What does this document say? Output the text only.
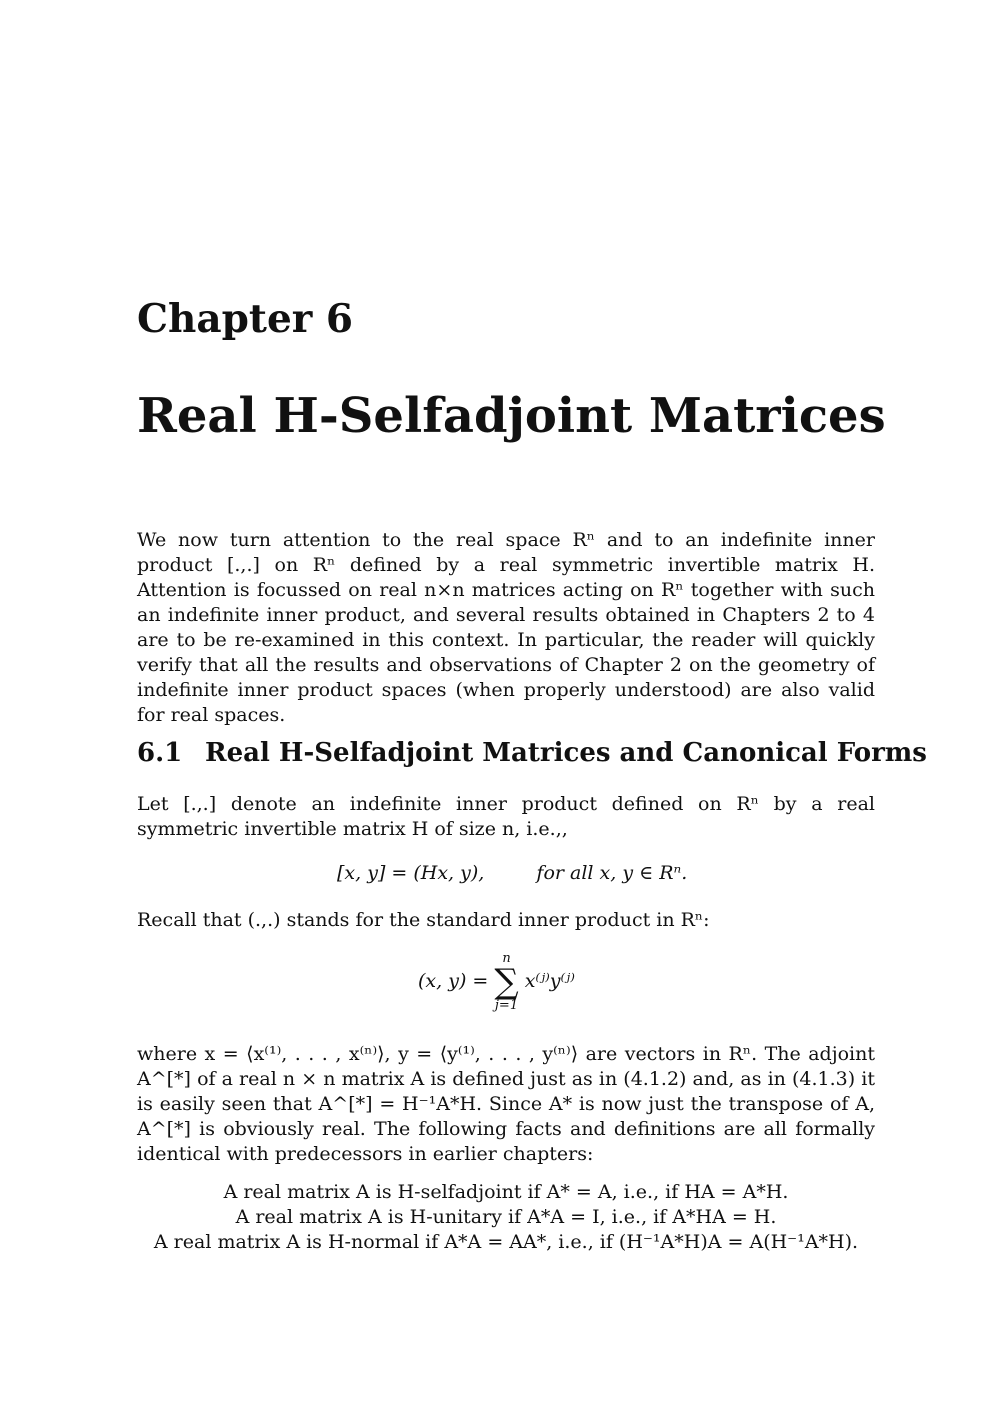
Chapter 6
Real H-Selfadjoint Matrices
We now turn attention to the real space Rⁿ and to an indefinite inner product [.,.] on Rⁿ defined by a real symmetric invertible matrix H. Attention is focussed on real n×n matrices acting on Rⁿ together with such an indefinite inner product, and several results obtained in Chapters 2 to 4 are to be re-examined in this context. In particular, the reader will quickly verify that all the results and observations of Chapter 2 on the geometry of indefinite inner product spaces (when properly understood) are also valid for real spaces.
6.1 Real H-Selfadjoint Matrices and Canonical Forms
Let [.,.] denote an indefinite inner product defined on Rⁿ by a real symmetric invertible matrix H of size n, i.e.,,
[x, y] = (Hx, y),	for all x, y ∈ Rⁿ.
Recall that (.,.) stands for the standard inner product in Rⁿ:
(x, y) =
n
∑
j=1
x⁽ʲ⁾y⁽ʲ⁾
where x = ⟨x⁽¹⁾, . . . , x⁽ⁿ⁾⟩, y = ⟨y⁽¹⁾, . . . , y⁽ⁿ⁾⟩ are vectors in Rⁿ. The adjoint A^[*] of a real n × n matrix A is defined just as in (4.1.2) and, as in (4.1.3) it is easily seen that A^[*] = H⁻¹A*H. Since A* is now just the transpose of A, A^[*] is obviously real. The following facts and definitions are all formally identical with predecessors in earlier chapters:
A real matrix A is H-selfadjoint if A* = A, i.e., if HA = A*H.
A real matrix A is H-unitary if A*A = I, i.e., if A*HA = H.
A real matrix A is H-normal if A*A = AA*, i.e., if (H⁻¹A*H)A = A(H⁻¹A*H).
